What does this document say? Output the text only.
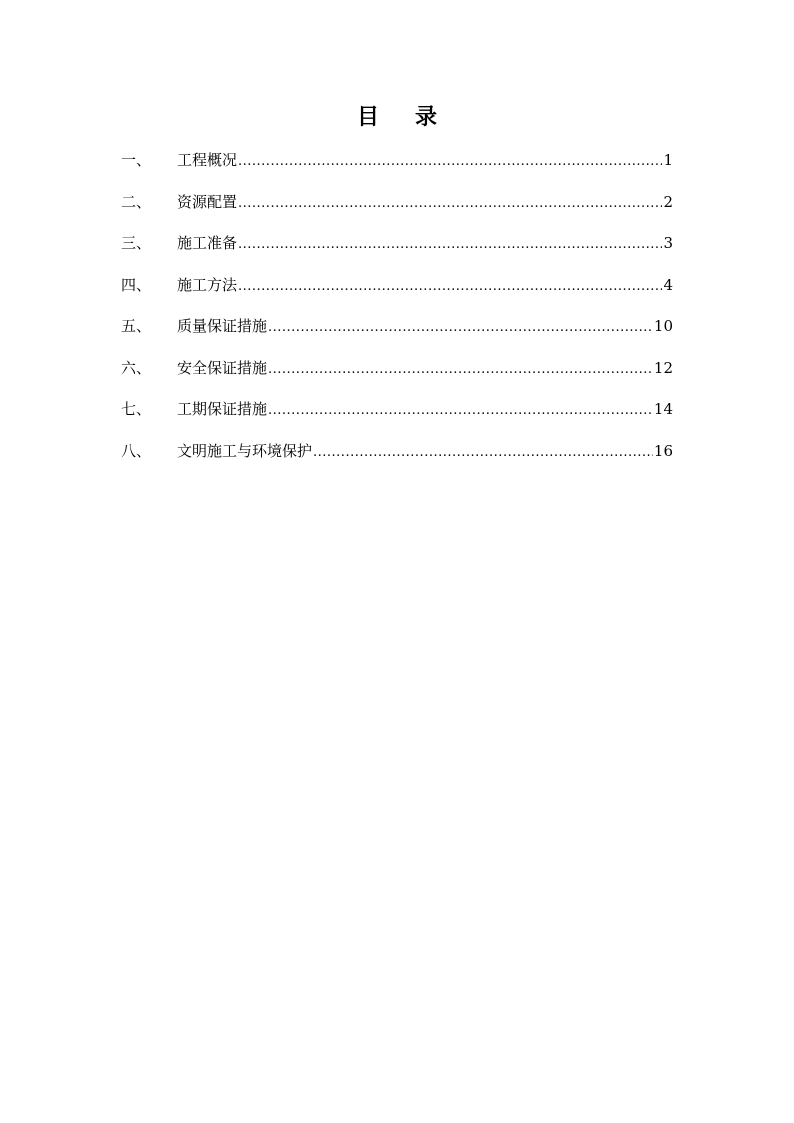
目 录
一、	工程概况 .....	1
二、	资源配置 .....	2
三、	施工准备 .....	3
四、	施工方法 .....	4
五、	质量保证措施 .....	10
六、	安全保证措施 .....	12
七、	工期保证措施 .....	14
八、	文明施工与环境保护 .....	16
